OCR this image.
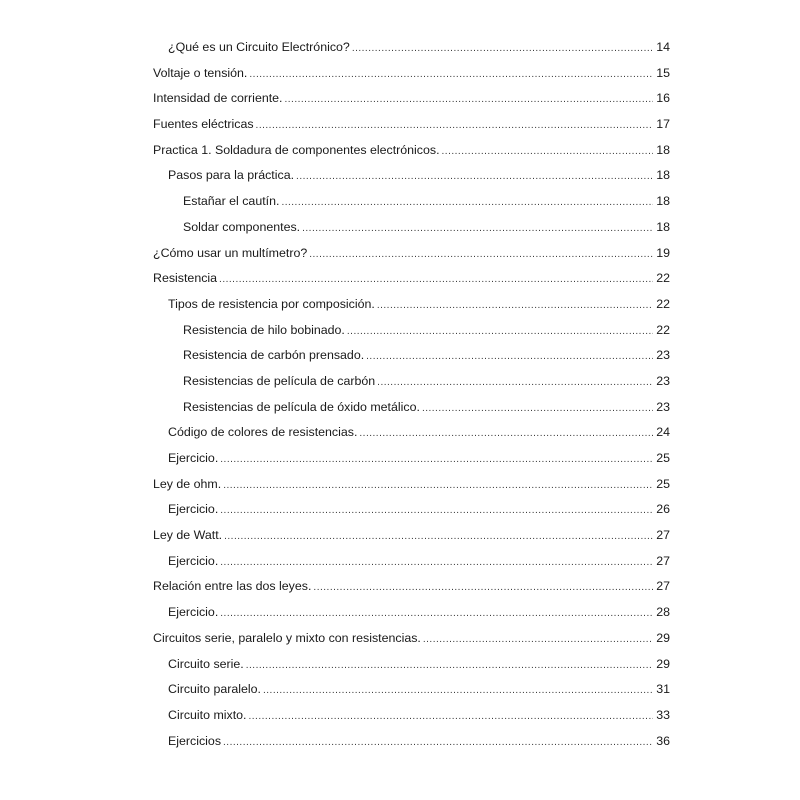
¿Qué es un Circuito Electrónico? .....	14
Voltaje o tensión. .....	15
Intensidad de corriente. .....	16
Fuentes eléctricas .....	17
Practica 1. Soldadura de componentes electrónicos. .....	18
Pasos para la práctica. .....	18
Estañar el cautín. .....	18
Soldar componentes. .....	18
¿Cómo usar un multímetro? .....	19
Resistencia .....	22
Tipos de resistencia por composición. .....	22
Resistencia de hilo bobinado. .....	22
Resistencia de carbón prensado. .....	23
Resistencias de película de carbón .....	23
Resistencias de película de óxido metálico. .....	23
Código de colores de resistencias. .....	24
Ejercicio. .....	25
Ley de ohm. .....	25
Ejercicio. .....	26
Ley de Watt. .....	27
Ejercicio. .....	27
Relación entre las dos leyes. .....	27
Ejercicio. .....	28
Circuitos serie, paralelo y mixto con resistencias. .....	29
Circuito serie. .....	29
Circuito paralelo. .....	31
Circuito mixto. .....	33
Ejercicios .....	36
